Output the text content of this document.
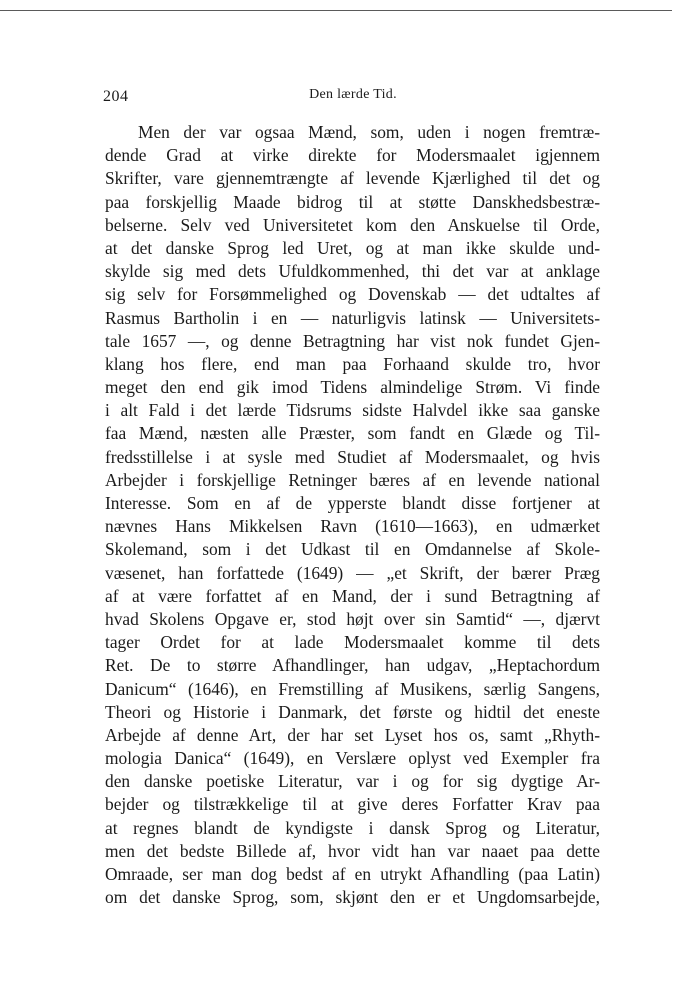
204	Den lærde Tid.
Men der var ogsaa Mænd, som, uden i nogen fremtræ-
dende Grad at virke direkte for Modersmaalet igjennem
Skrifter, vare gjennemtrængte af levende Kjærlighed til det og
paa forskjellig Maade bidrog til at støtte Danskhedsbestræ-
belserne. Selv ved Universitetet kom den Anskuelse til Orde,
at det danske Sprog led Uret, og at man ikke skulde und-
skylde sig med dets Ufuldkommenhed, thi det var at anklage
sig selv for Forsømmelighed og Dovenskab — det udtaltes af
Rasmus Bartholin i en — naturligvis latinsk — Universitets-
tale 1657 —, og denne Betragtning har vist nok fundet Gjen-
klang hos flere, end man paa Forhaand skulde tro, hvor
meget den end gik imod Tidens almindelige Strøm. Vi finde
i alt Fald i det lærde Tidsrums sidste Halvdel ikke saa ganske
faa Mænd, næsten alle Præster, som fandt en Glæde og Til-
fredsstillelse i at sysle med Studiet af Modersmaalet, og hvis
Arbejder i forskjellige Retninger bæres af en levende national
Interesse. Som en af de ypperste blandt disse fortjener at
nævnes Hans Mikkelsen Ravn (1610—1663), en udmærket
Skolemand, som i det Udkast til en Omdannelse af Skole-
væsenet, han forfattede (1649) — „et Skrift, der bærer Præg
af at være forfattet af en Mand, der i sund Betragtning af
hvad Skolens Opgave er, stod højt over sin Samtid“ —, djærvt
tager Ordet for at lade Modersmaalet komme til dets
Ret. De to større Afhandlinger, han udgav, „Heptachordum
Danicum“ (1646), en Fremstilling af Musikens, særlig Sangens,
Theori og Historie i Danmark, det første og hidtil det eneste
Arbejde af denne Art, der har set Lyset hos os, samt „Rhyth-
mologia Danica“ (1649), en Verslære oplyst ved Exempler fra
den danske poetiske Literatur, var i og for sig dygtige Ar-
bejder og tilstrækkelige til at give deres Forfatter Krav paa
at regnes blandt de kyndigste i dansk Sprog og Literatur,
men det bedste Billede af, hvor vidt han var naaet paa dette
Omraade, ser man dog bedst af en utrykt Afhandling (paa Latin)
om det danske Sprog, som, skjønt den er et Ungdomsarbejde,
